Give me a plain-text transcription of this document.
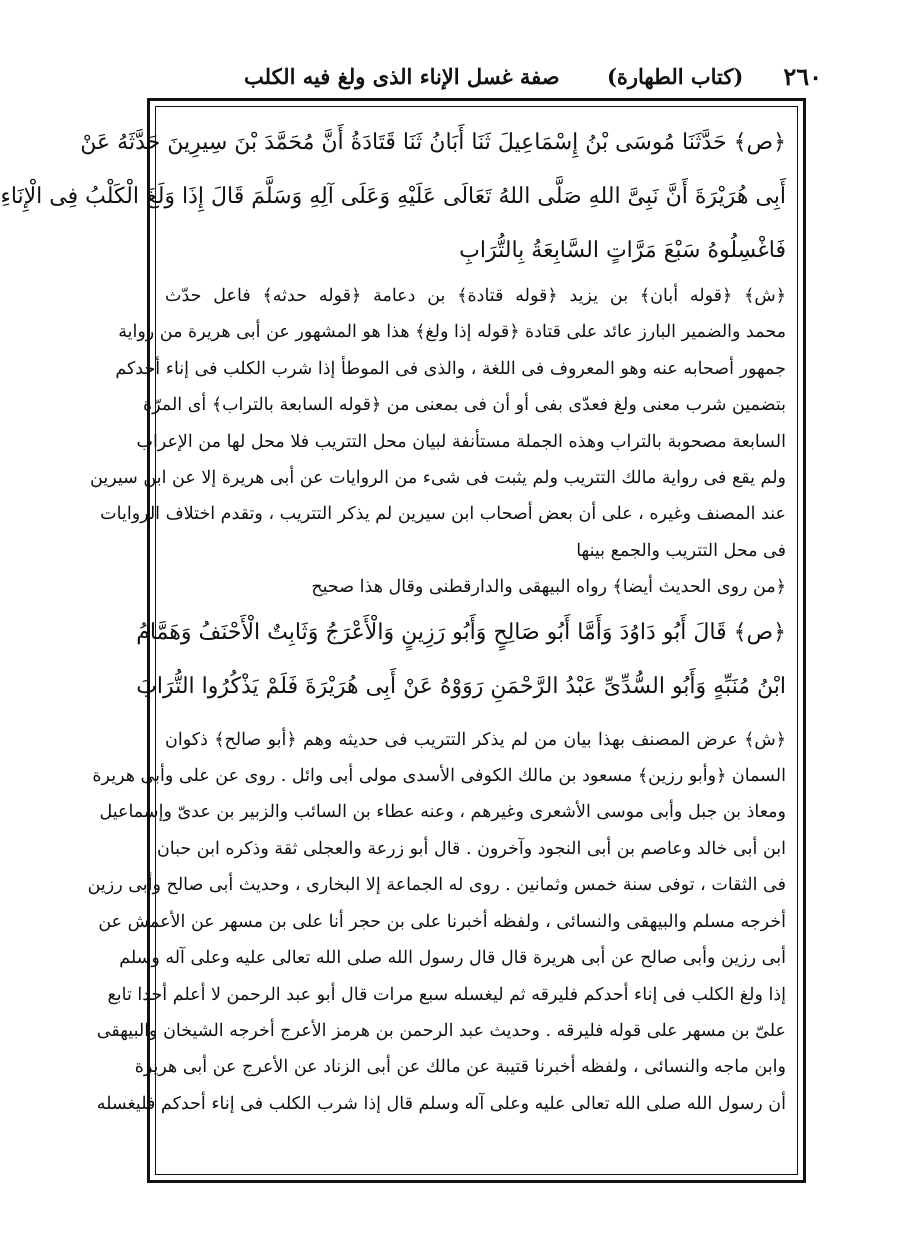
٢٦٠
(كتاب الطهارة)
صفة غسل الإناء الذى ولغ فيه الكلب
﴿ص﴾ حَدَّثَنَا مُوسَى بْنُ إِسْمَاعِيلَ ثَنَا أَبَانُ ثَنَا قَتَادَةُ أَنَّ مُحَمَّدَ بْنَ سِيرِينَ حَدَّثَهُ عَنْ
أَبِى هُرَيْرَةَ أَنَّ نَبِىَّ اللهِ صَلَّى اللهُ تَعَالَى عَلَيْهِ وَعَلَى آلِهِ وَسَلَّمَ قَالَ إِذَا وَلَغَ الْكَلْبُ فِى الْإِنَاءِ
فَاغْسِلُوهُ سَبْعَ مَرَّاتٍ السَّابِعَةُ بِالتُّرَابِ
﴿ش﴾ ﴿قوله أبان﴾ بن يزيد ﴿قوله قتادة﴾ بن دعامة ﴿قوله حدثه﴾ فاعل حدّث
محمد والضمير البارز عائد على قتادة ﴿قوله إذا ولغ﴾ هذا هو المشهور عن أبى هريرة من رواية
جمهور أصحابه عنه وهو المعروف فى اللغة ، والذى فى الموطأ إذا شرب الكلب فى إناء أحدكم
بتضمين شرب معنى ولغ فعدّى بفى أو أن فى بمعنى من ﴿قوله السابعة بالتراب﴾ أى المرّة
السابعة مصحوبة بالتراب وهذه الجملة مستأنفة لبيان محل التتريب فلا محل لها من الإعراب
ولم يقع فى رواية مالك التتريب ولم يثبت فى شىء من الروايات عن أبى هريرة إلا عن ابن سيرين
عند المصنف وغيره ، على أن بعض أصحاب ابن سيرين لم يذكر التتريب ، وتقدم اختلاف الروايات
فى محل التتريب والجمع بينها
﴿من روى الحديث أيضا﴾ رواه البيهقى والدارقطنى وقال هذا صحيح
﴿ص﴾ قَالَ أَبُو دَاوُدَ وَأَمَّا أَبُو صَالِحٍ وَأَبُو رَزِينٍ وَالْأَعْرَجُ وَثَابِتٌ الْأَحْنَفُ وَهَمَّامُ
ابْنُ مُنَبِّهٍ وَأَبُو السُّدِّىِّ عَبْدُ الرَّحْمَنِ رَوَوْهُ عَنْ أَبِى هُرَيْرَةَ فَلَمْ يَذْكُرُوا التُّرَابَ
﴿ش﴾ عرض المصنف بهذا بيان من لم يذكر التتريب فى حديثه وهم ﴿أبو صالح﴾ ذكوان
السمان ﴿وأبو رزين﴾ مسعود بن مالك الكوفى الأسدى مولى أبى وائل . روى عن على وأبى هريرة
ومعاذ بن جبل وأبى موسى الأشعرى وغيرهم ، وعنه عطاء بن السائب والزبير بن عدىّ وإسماعيل
ابن أبى خالد وعاصم بن أبى النجود وآخرون . قال أبو زرعة والعجلى ثقة وذكره ابن حبان
فى الثقات ، توفى سنة خمس وثمانين . روى له الجماعة إلا البخارى ، وحديث أبى صالح وأبى رزين
أخرجه مسلم والبيهقى والنسائى ، ولفظه أخبرنا على بن حجر أنا على بن مسهر عن الأعمش عن
أبى رزين وأبى صالح عن أبى هريرة قال قال رسول الله صلى الله تعالى عليه وعلى آله وسلم
إذا ولغ الكلب فى إناء أحدكم فليرقه ثم ليغسله سبع مرات قال أبو عبد الرحمن لا أعلم أحدا تابع
علىّ بن مسهر على قوله فليرقه . وحديث عبد الرحمن بن هرمز الأعرج أخرجه الشيخان والبيهقى
وابن ماجه والنسائى ، ولفظه أخبرنا قتيبة عن مالك عن أبى الزناد عن الأعرج عن أبى هريرة
أن رسول الله صلى الله تعالى عليه وعلى آله وسلم قال إذا شرب الكلب فى إناء أحدكم فليغسله
